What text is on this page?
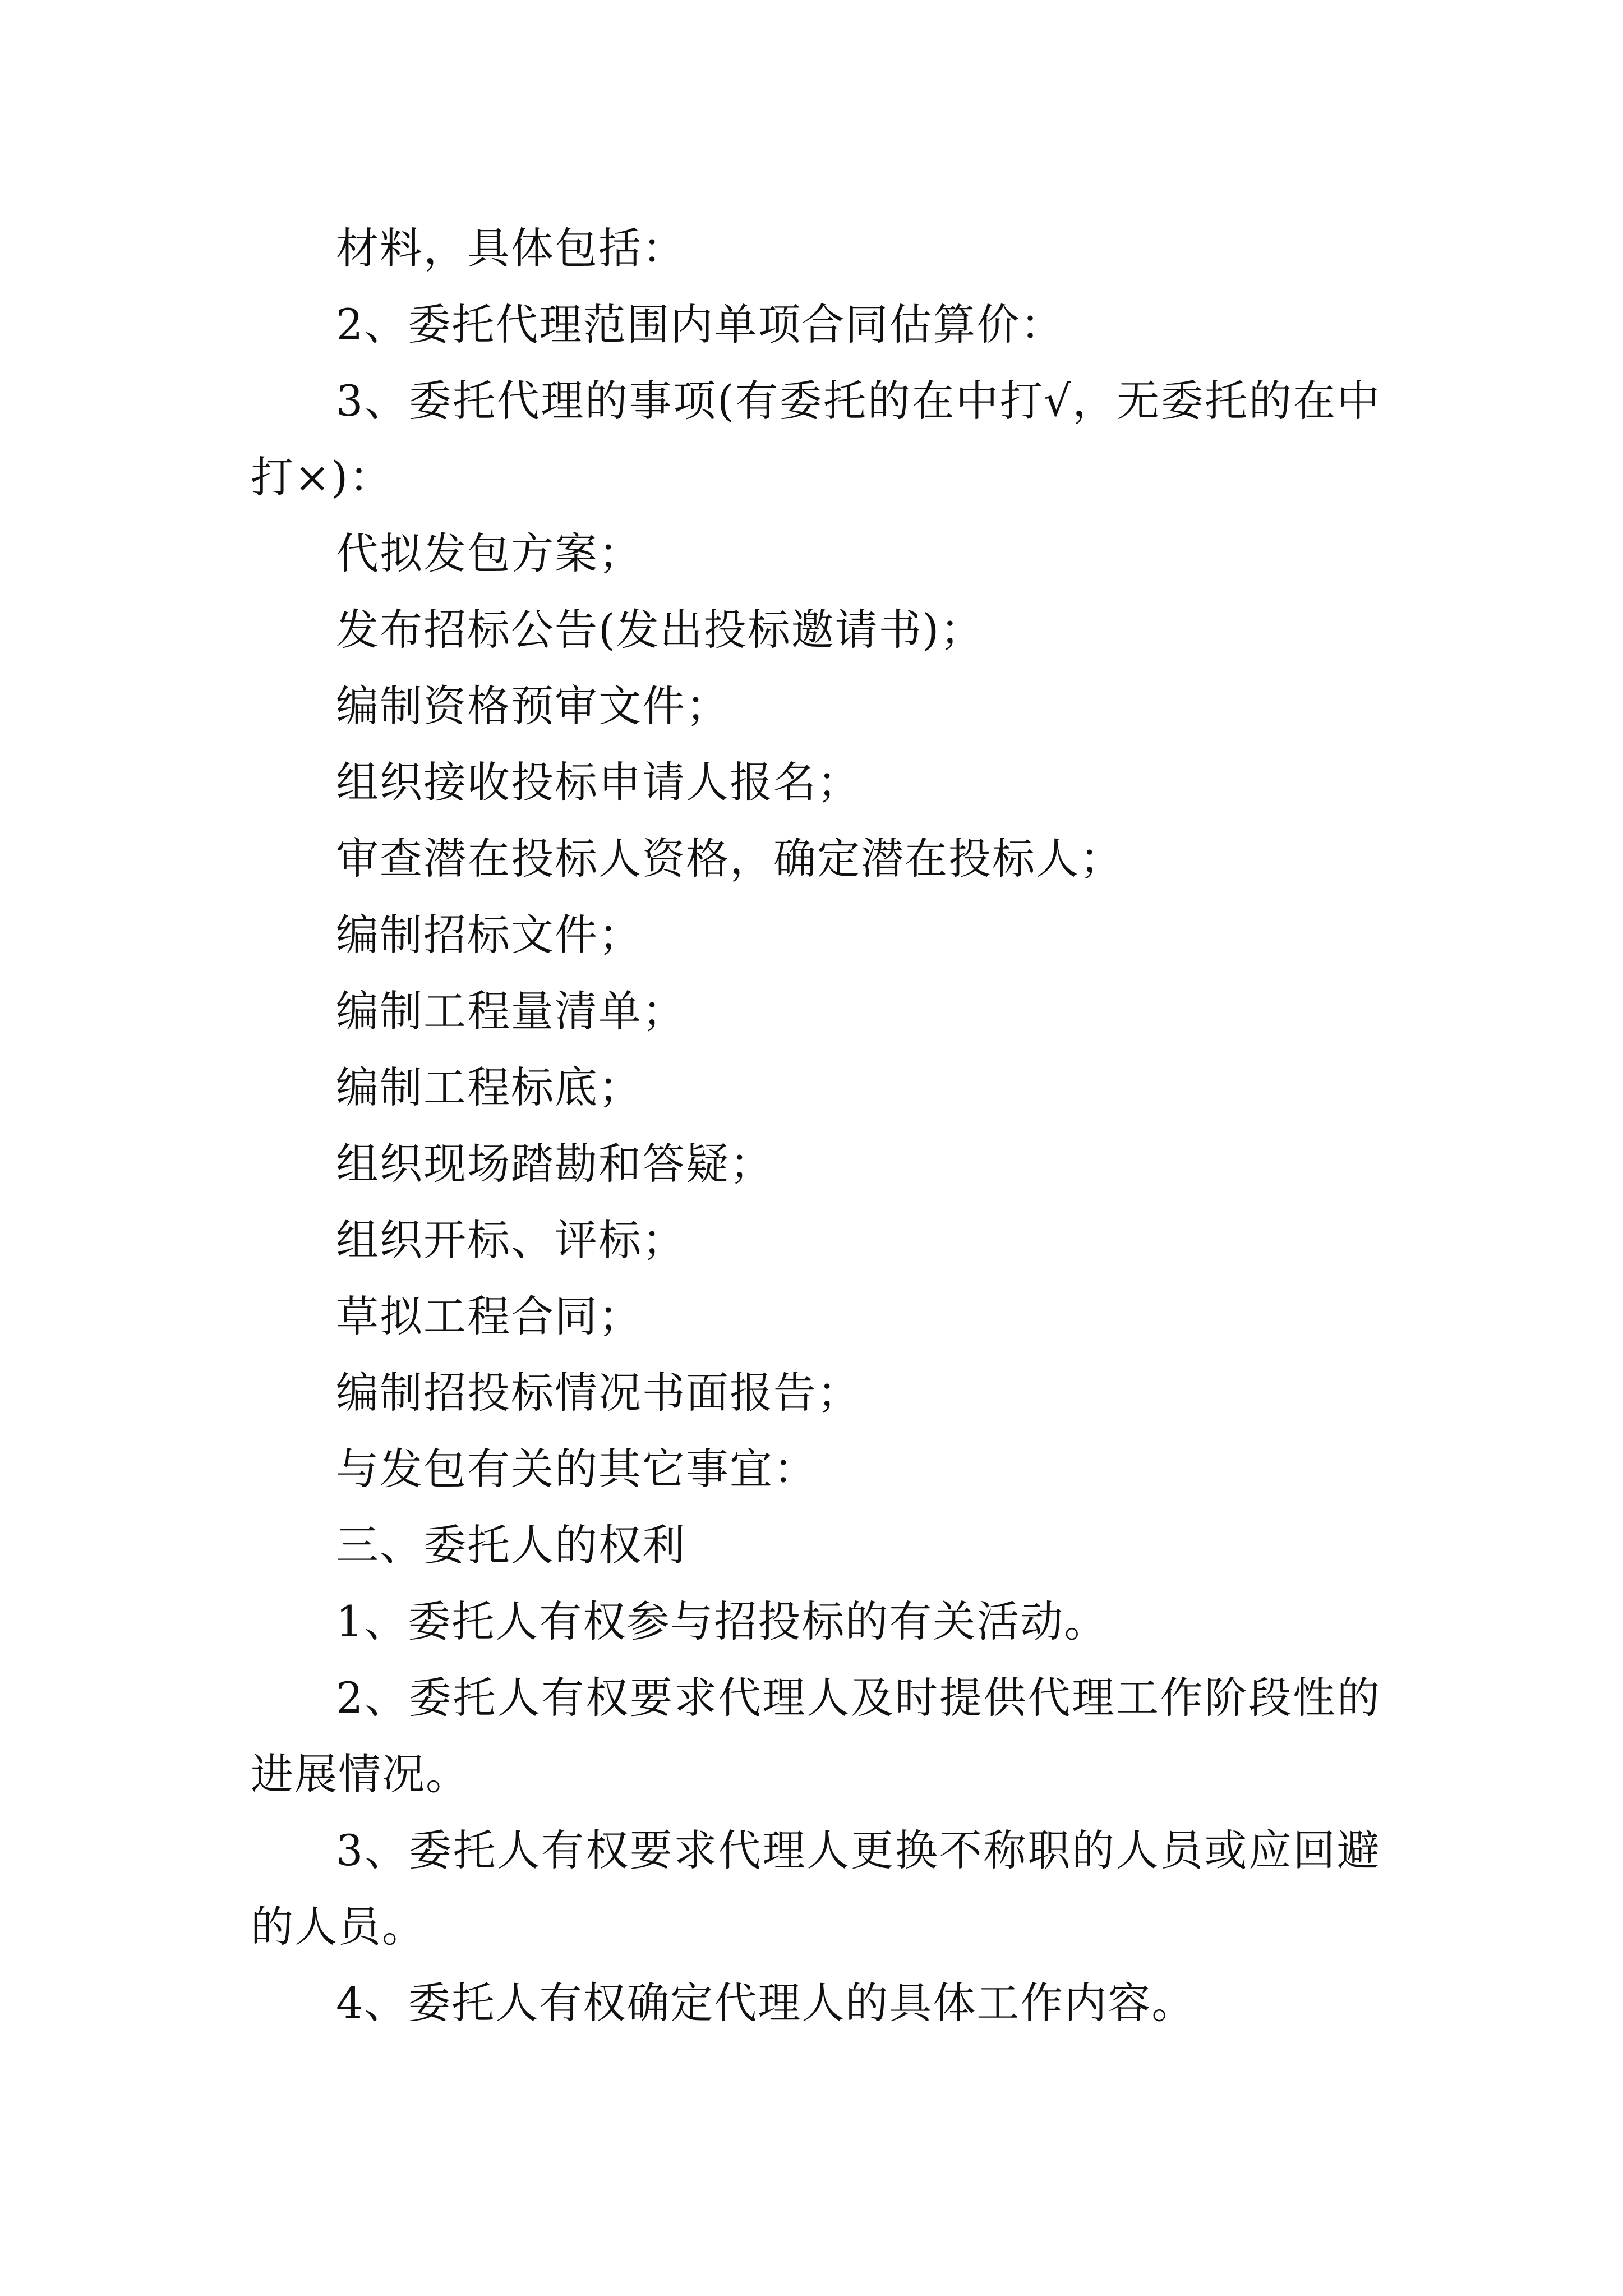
材料，具体包括：

2、委托代理范围内单项合同估算价：

3、委托代理的事项(有委托的在中打√，无委托的在中打×)：

代拟发包方案；

发布招标公告(发出投标邀请书)；

编制资格预审文件；

组织接收投标申请人报名；

审查潜在投标人资格，确定潜在投标人；

编制招标文件；

编制工程量清单；

编制工程标底；

组织现场踏勘和答疑；

组织开标、评标；

草拟工程合同；

编制招投标情况书面报告；

与发包有关的其它事宜：

三、委托人的权利

1、委托人有权参与招投标的有关活动。

2、委托人有权要求代理人及时提供代理工作阶段性的进展情况。

3、委托人有权要求代理人更换不称职的人员或应回避的人员。

4、委托人有权确定代理人的具体工作内容。
